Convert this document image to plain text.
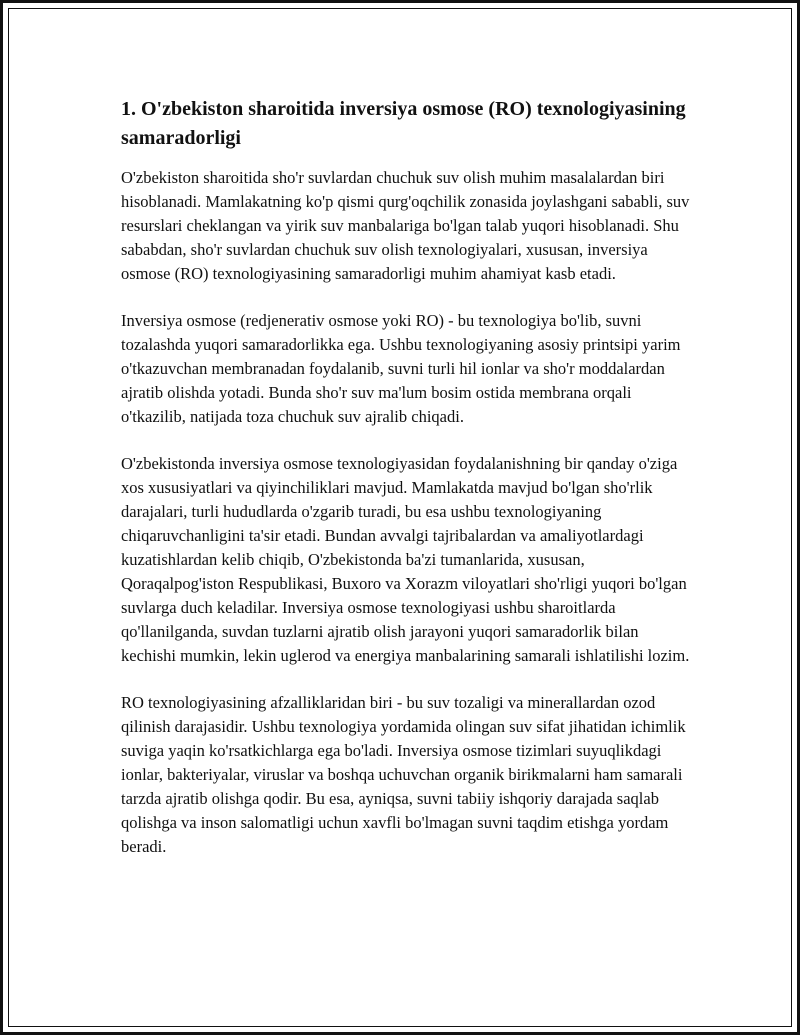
1. O'zbekiston sharoitida inversiya osmose (RO) texnologiyasining samaradorligi

O'zbekiston sharoitida sho'r suvlardan chuchuk suv olish muhim masalalardan biri hisoblanadi. Mamlakatning ko'p qismi qurg'oqchilik zonasida joylashgani sababli, suv resurslari cheklangan va yirik suv manbalariga bo'lgan talab yuqori hisoblanadi. Shu sababdan, sho'r suvlardan chuchuk suv olish texnologiyalari, xususan, inversiya osmose (RO) texnologiyasining samaradorligi muhim ahamiyat kasb etadi.

Inversiya osmose (redjenerativ osmose yoki RO) - bu texnologiya bo'lib, suvni tozalashda yuqori samaradorlikka ega. Ushbu texnologiyaning asosiy printsipi yarim o'tkazuvchan membranadan foydalanib, suvni turli hil ionlar va sho'r moddalardan ajratib olishda yotadi. Bunda sho'r suv ma'lum bosim ostida membrana orqali o'tkazilib, natijada toza chuchuk suv ajralib chiqadi.

O'zbekistonda inversiya osmose texnologiyasidan foydalanishning bir qanday o'ziga xos xususiyatlari va qiyinchiliklari mavjud. Mamlakatda mavjud bo'lgan sho'rlik darajalari, turli hududlarda o'zgarib turadi, bu esa ushbu texnologiyaning chiqaruvchanligini ta'sir etadi. Bundan avvalgi tajribalardan va amaliyotlardagi kuzatishlardan kelib chiqib, O'zbekistonda ba'zi tumanlarida, xususan, Qoraqalpog'iston Respublikasi, Buxoro va Xorazm viloyatlari sho'rligi yuqori bo'lgan suvlarga duch keladilar. Inversiya osmose texnologiyasi ushbu sharoitlarda qo'llanilganda, suvdan tuzlarni ajratib olish jarayoni yuqori samaradorlik bilan kechishi mumkin, lekin uglerod va energiya manbalarining samarali ishlatilishi lozim.

RO texnologiyasining afzalliklaridan biri - bu suv tozaligi va minerallardan ozod qilinish darajasidir. Ushbu texnologiya yordamida olingan suv sifat jihatidan ichimlik suviga yaqin ko'rsatkichlarga ega bo'ladi. Inversiya osmose tizimlari suyuqlikdagi ionlar, bakteriyalar, viruslar va boshqa uchuvchan organik birikmalarni ham samarali tarzda ajratib olishga qodir. Bu esa, ayniqsa, suvni tabiiy ishqoriy darajada saqlab qolishga va inson salomatligi uchun xavfli bo'lmagan suvni taqdim etishga yordam beradi.
